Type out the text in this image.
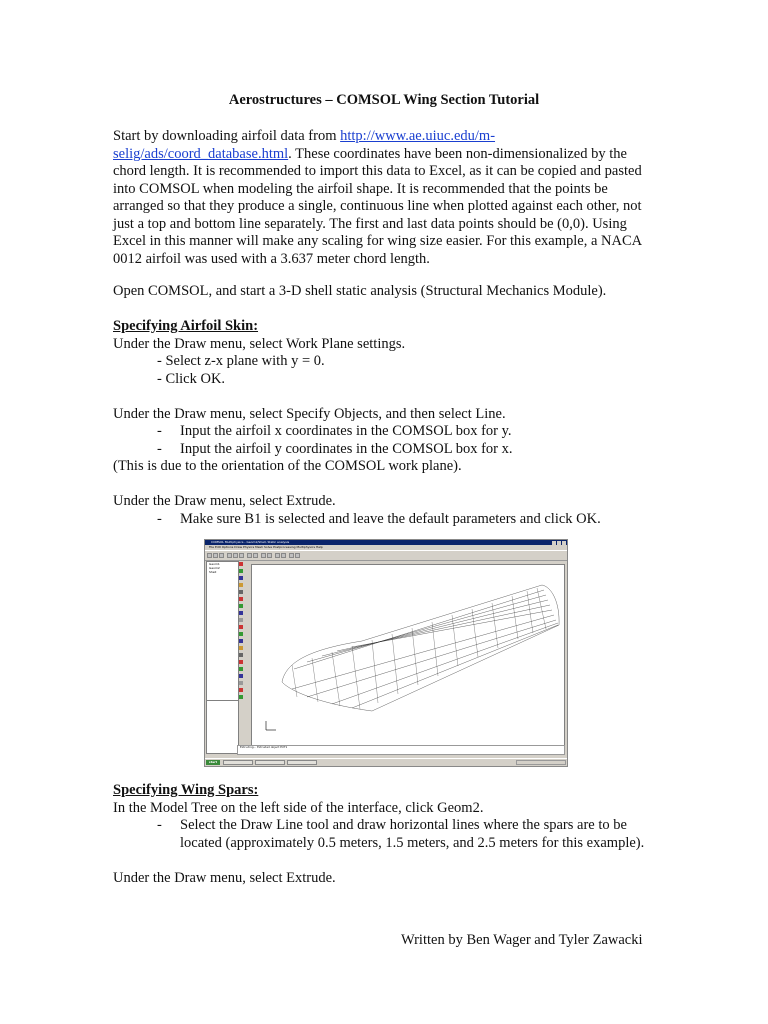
Aerostructures – COMSOL Wing Section Tutorial

Start by downloading airfoil data from http://www.ae.uiuc.edu/m-selig/ads/coord_database.html. These coordinates have been non-dimensionalized by the chord length. It is recommended to import this data to Excel, as it can be copied and pasted into COMSOL when modeling the airfoil shape. It is recommended that the points be arranged so that they produce a single, continuous line when plotted against each other, not just a top and bottom line separately. The first and last data points should be (0,0). Using Excel in this manner will make any scaling for wing size easier. For this example, a NACA 0012 airfoil was used with a 3.637 meter chord length.

Open COMSOL, and start a 3-D shell static analysis (Structural Mechanics Module).

Specifying Airfoil Skin:

Under the Draw menu, select Work Plane settings.

- Select z-x plane with y = 0.

- Click OK.

Under the Draw menu, select Specify Objects, and then select Line.

-	Input the airfoil x coordinates in the COMSOL box for y.
-	Input the airfoil y coordinates in the COMSOL box for x.

(This is due to the orientation of the COMSOL work plane).

Under the Draw menu, select Extrude.

-	Make sure B1 is selected and leave the default parameters and click OK.
COMSOL Multiphysics - Geom1/Shell, Static analysis
File Edit Options Draw Physics Mesh Solve Postprocessing Multiphysics Help
Geom1
Geom2
Shell

Extruding... Extruded object EXT1
start

Specifying Wing Spars:

In the Model Tree on the left side of the interface, click Geom2.

-	Select the Draw Line tool and draw horizontal lines where the spars are to be located (approximately 0.5 meters, 1.5 meters, and 2.5 meters for this example).

Under the Draw menu, select Extrude.

Written by Ben Wager and Tyler Zawacki
